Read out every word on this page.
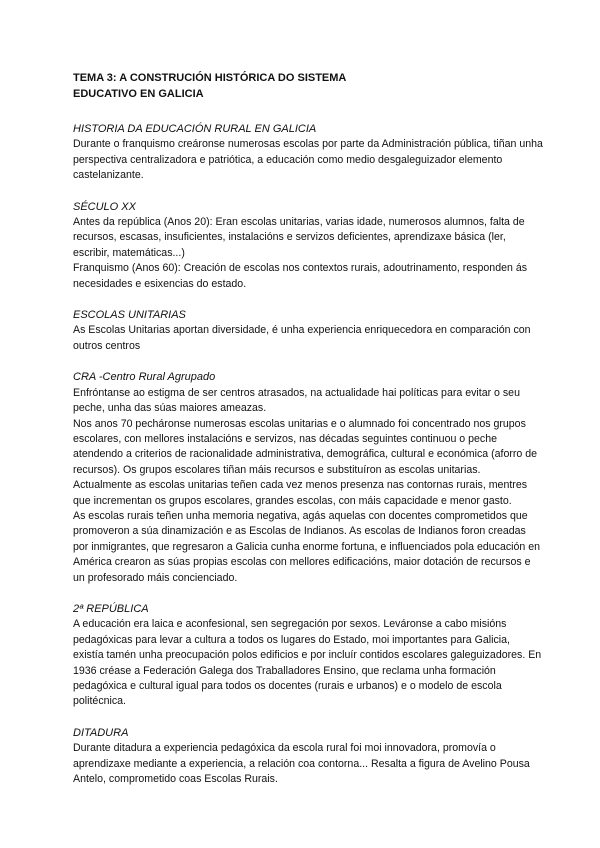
TEMA 3: A CONSTRUCIÓN HISTÓRICA DO SISTEMA
EDUCATIVO EN GALICIA
HISTORIA DA EDUCACIÓN RURAL EN GALICIA
Durante o franquismo creáronse numerosas escolas por parte da Administración pública, tiñan unha perspectiva centralizadora e patriótica, a educación como medio desgaleguizador elemento castelanizante.
SÉCULO XX
Antes da república (Anos 20): Eran escolas unitarias, varias idade, numerosos alumnos, falta de recursos, escasas, insuficientes, instalacións e servizos deficientes, aprendizaxe básica (ler, escribir, matemáticas...)
Franquismo (Anos 60): Creación de escolas nos contextos rurais, adoutrinamento, responden ás necesidades e esixencias do estado.
ESCOLAS UNITARIAS
As Escolas Unitarias aportan diversidade, é unha experiencia enriquecedora en comparación con outros centros
CRA -Centro Rural Agrupado
Enfróntanse ao estigma de ser centros atrasados, na actualidade hai políticas para evitar o seu peche, unha das súas maiores ameazas.
Nos anos 70 pecháronse numerosas escolas unitarias e o alumnado foi concentrado nos grupos escolares, con mellores instalacións e servizos, nas décadas seguintes continuou o peche atendendo a criterios de racionalidade administrativa, demográfica, cultural e económica (aforro de recursos). Os grupos escolares tiñan máis recursos e substituíron as escolas unitarias.
Actualmente as escolas unitarias teñen cada vez menos presenza nas contornas rurais, mentres que incrementan os grupos escolares, grandes escolas, con máis capacidade e menor gasto.
As escolas rurais teñen unha memoria negativa, agás aquelas con docentes comprometidos que promoveron a súa dinamización e as Escolas de Indianos. As escolas de Indianos foron creadas por inmigrantes, que regresaron a Galicia cunha enorme fortuna, e influenciados pola educación en América crearon as súas propias escolas con mellores edificacións, maior dotación de recursos e un profesorado máis concienciado.
2ª REPÚBLICA
A educación era laica e aconfesional, sen segregación por sexos. Leváronse a cabo misións pedagóxicas para levar a cultura a todos os lugares do Estado, moi importantes para Galicia, existía tamén unha preocupación polos edificios e por incluír contidos escolares galeguizadores. En 1936 créase a Federación Galega dos Traballadores Ensino, que reclama unha formación pedagóxica e cultural igual para todos os docentes (rurais e urbanos) e o modelo de escola politécnica.
DITADURA
Durante ditadura a experiencia pedagóxica da escola rural foi moi innovadora, promovía o aprendizaxe mediante a experiencia, a relación coa contorna... Resalta a figura de Avelino Pousa Antelo, comprometido coas Escolas Rurais.
